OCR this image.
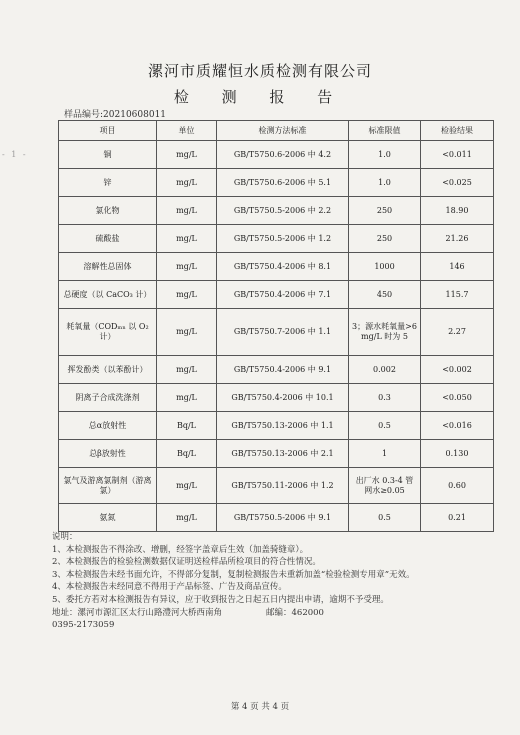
- 1 -
漯河市质耀恒水质检测有限公司
检 测 报 告
样品编号:20210608011
项目	单位	检测方法标准	标准限值	检验结果
铜	mg/L	GB/T5750.6-2006 中 4.2	1.0	<0.011
锌	mg/L	GB/T5750.6-2006 中 5.1	1.0	<0.025
氯化物	mg/L	GB/T5750.5-2006 中 2.2	250	18.90
硫酸盐	mg/L	GB/T5750.5-2006 中 1.2	250	21.26
溶解性总固体	mg/L	GB/T5750.4-2006 中 8.1	1000	146
总硬度（以 CaCO₃ 计）	mg/L	GB/T5750.4-2006 中 7.1	450	115.7
耗氧量（CODₘₙ 以 O₂ 计）	mg/L	GB/T5750.7-2006 中 1.1	3；源水耗氧量>6 mg/L 时为 5	2.27
挥发酚类（以苯酚计）	mg/L	GB/T5750.4-2006 中 9.1	0.002	<0.002
阴离子合成洗涤剂	mg/L	GB/T5750.4-2006 中 10.1	0.3	<0.050
总α放射性	Bq/L	GB/T5750.13-2006 中 1.1	0.5	<0.016
总β放射性	Bq/L	GB/T5750.13-2006 中 2.1	1	0.130
氯气及游离氯制剂（游离氯）	mg/L	GB/T5750.11-2006 中 1.2	出厂水 0.3-4 管网水≥0.05	0.60
氨氮	mg/L	GB/T5750.5-2006 中 9.1	0.5	0.21
说明：
1、本检测报告不得涂改、增删，经签字盖章后生效（加盖骑缝章）。
2、本检测报告的检验检测数据仅证明送检样品所检项目的符合性情况。
3、本检测报告未经书面允许，不得部分复制，复制检测报告未重新加盖“检验检测专用章”无效。
4、本检测报告未经同意不得用于产品标签、广告及商品宣传。
5、委托方若对本检测报告有异议，应于收到报告之日起五日内提出申请，逾期不予受理。
地址：漯河市源汇区太行山路澧河大桥西南角	邮编：462000
0395-2173059
第 4 页 共 4 页
